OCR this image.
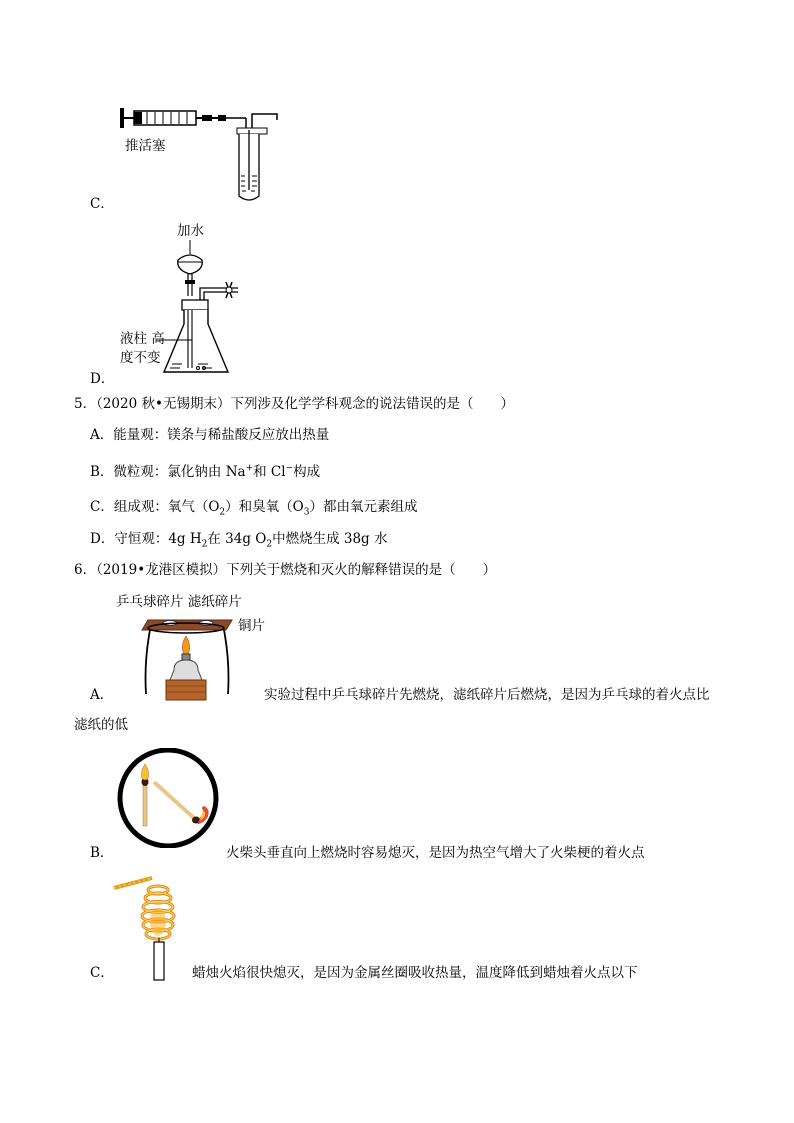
推活塞
C．
加水
液柱 高
度不变
D．
5．（2020 秋•无锡期末）下列涉及化学学科观念的说法错误的是（　　）
A．能量观：镁条与稀盐酸反应放出热量
B．微粒观：氯化钠由 Na+和 Cl−构成
C．组成观：氧气$(O_2)$和臭氧$(O_3)$都由氧元素组成
D．守恒观：4g $H_2$在 34g $O_2$中燃烧生成 38g 水
6．（2019•龙港区模拟）下列关于燃烧和灭火的解释错误的是（　　）
乒乓球碎片 滤纸碎片
铜片
A．	实验过程中乒乓球碎片先燃烧，滤纸碎片后燃烧，是因为乒乓球的着火点比
滤纸的低
B．	火柴头垂直向上燃烧时容易熄灭，是因为热空气增大了火柴梗的着火点
C．	蜡烛火焰很快熄灭，是因为金属丝圈吸收热量，温度降低到蜡烛着火点以下
